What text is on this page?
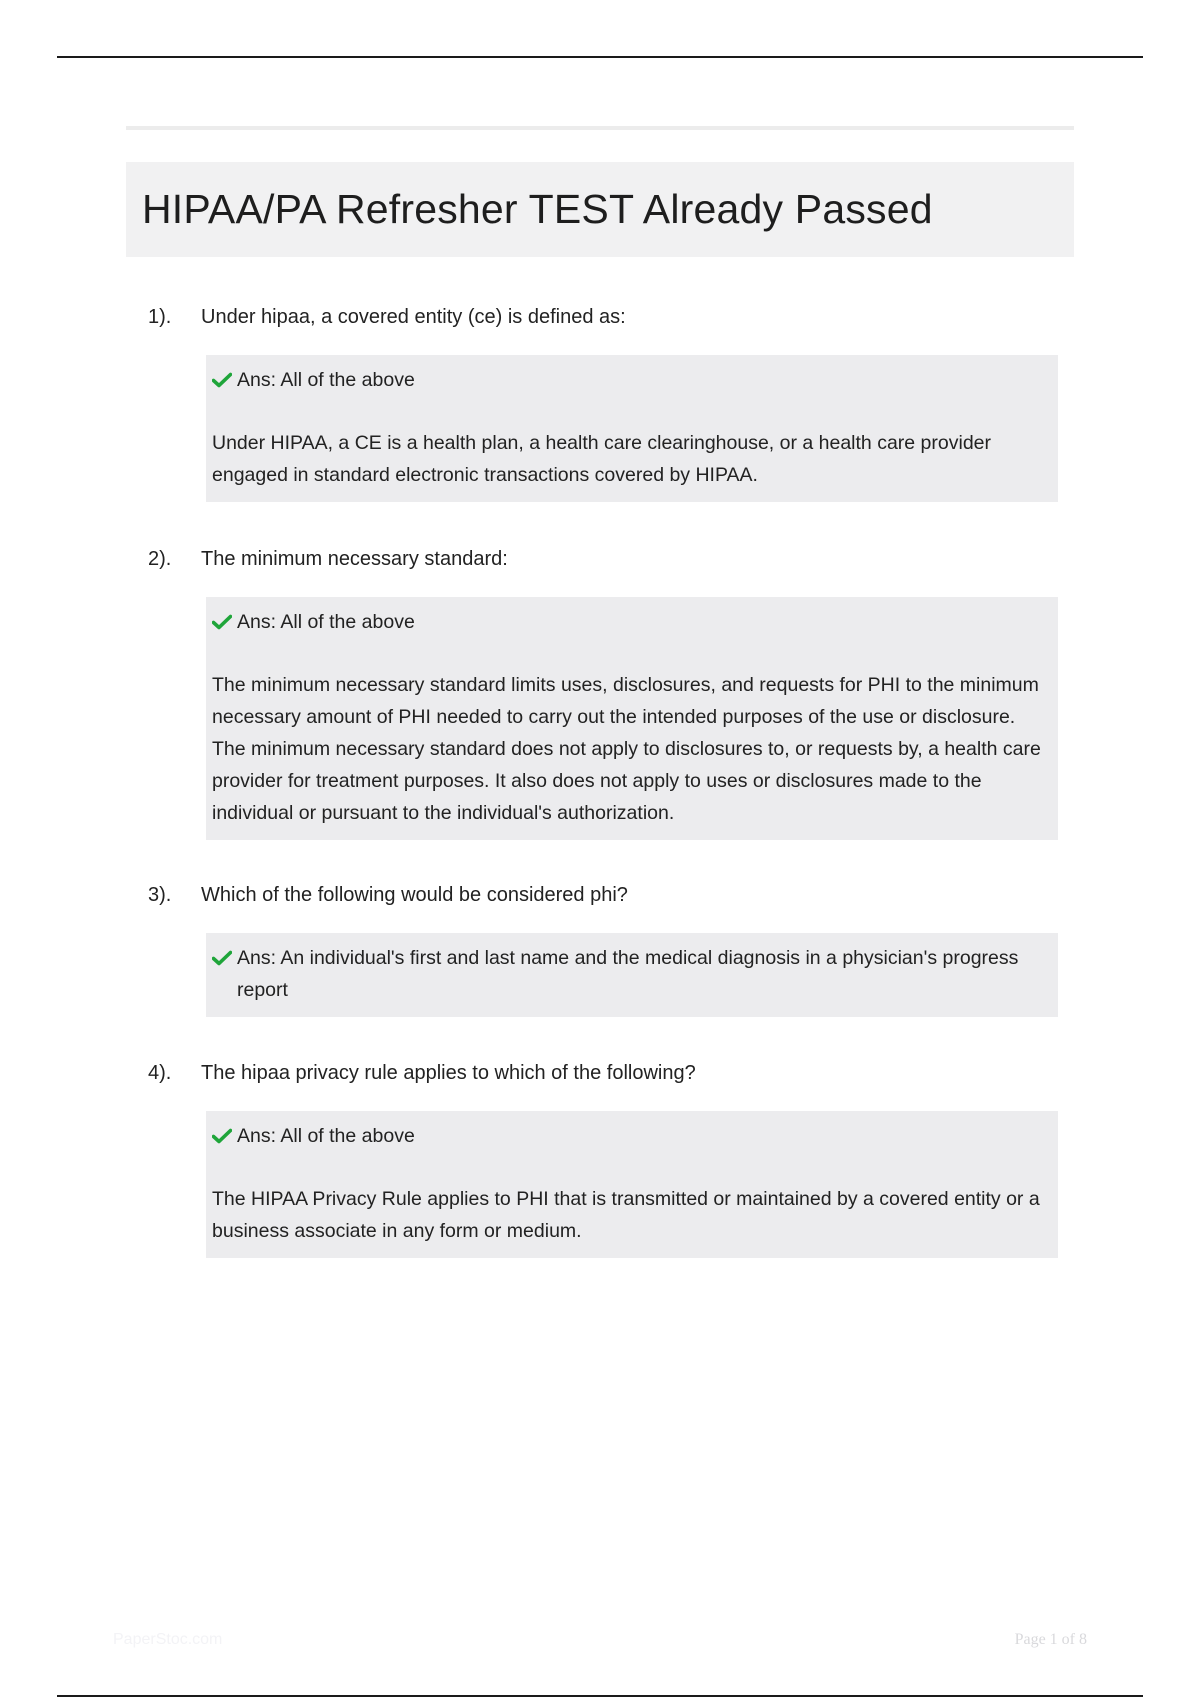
HIPAA/PA Refresher TEST Already Passed
1).	Under hipaa, a covered entity (ce) is defined as:
Ans: All of the above
Under HIPAA, a CE is a health plan, a health care clearinghouse, or a health care provider engaged in standard electronic transactions covered by HIPAA.
2).	The minimum necessary standard:
Ans: All of the above
The minimum necessary standard limits uses, disclosures, and requests for PHI to the minimum necessary amount of PHI needed to carry out the intended purposes of the use or disclosure. The minimum necessary standard does not apply to disclosures to, or requests by, a health care provider for treatment purposes. It also does not apply to uses or disclosures made to the individual or pursuant to the individual's authorization.
3).	Which of the following would be considered phi?
Ans: An individual's first and last name and the medical diagnosis in a physician's progress report
4).	The hipaa privacy rule applies to which of the following?
Ans: All of the above
The HIPAA Privacy Rule applies to PHI that is transmitted or maintained by a covered entity or a business associate in any form or medium.
PaperStoc.com	Page 1 of 8
